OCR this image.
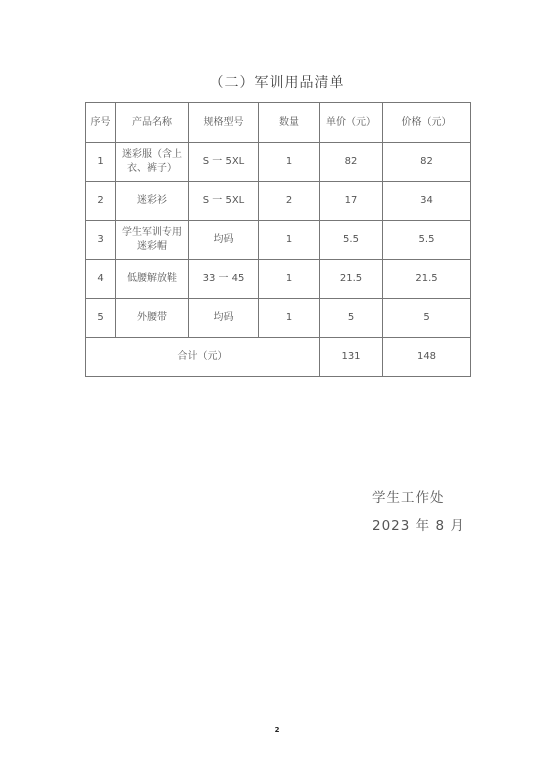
（二）军训用品清单
序号	产品名称	规格型号	数量	单价（元）	价格（元）
1	迷彩服（含上衣、裤子）	S 一 5XL	1	82	82
2	迷彩衫	S 一 5XL	2	17	34
3	学生军训专用迷彩帽	均码	1	5.5	5.5
4	低腰解放鞋	33 一 45	1	21.5	21.5
5	外腰带	均码	1	5	5
合计（元）				131	148
学生工作处
2023 年 8 月
2
